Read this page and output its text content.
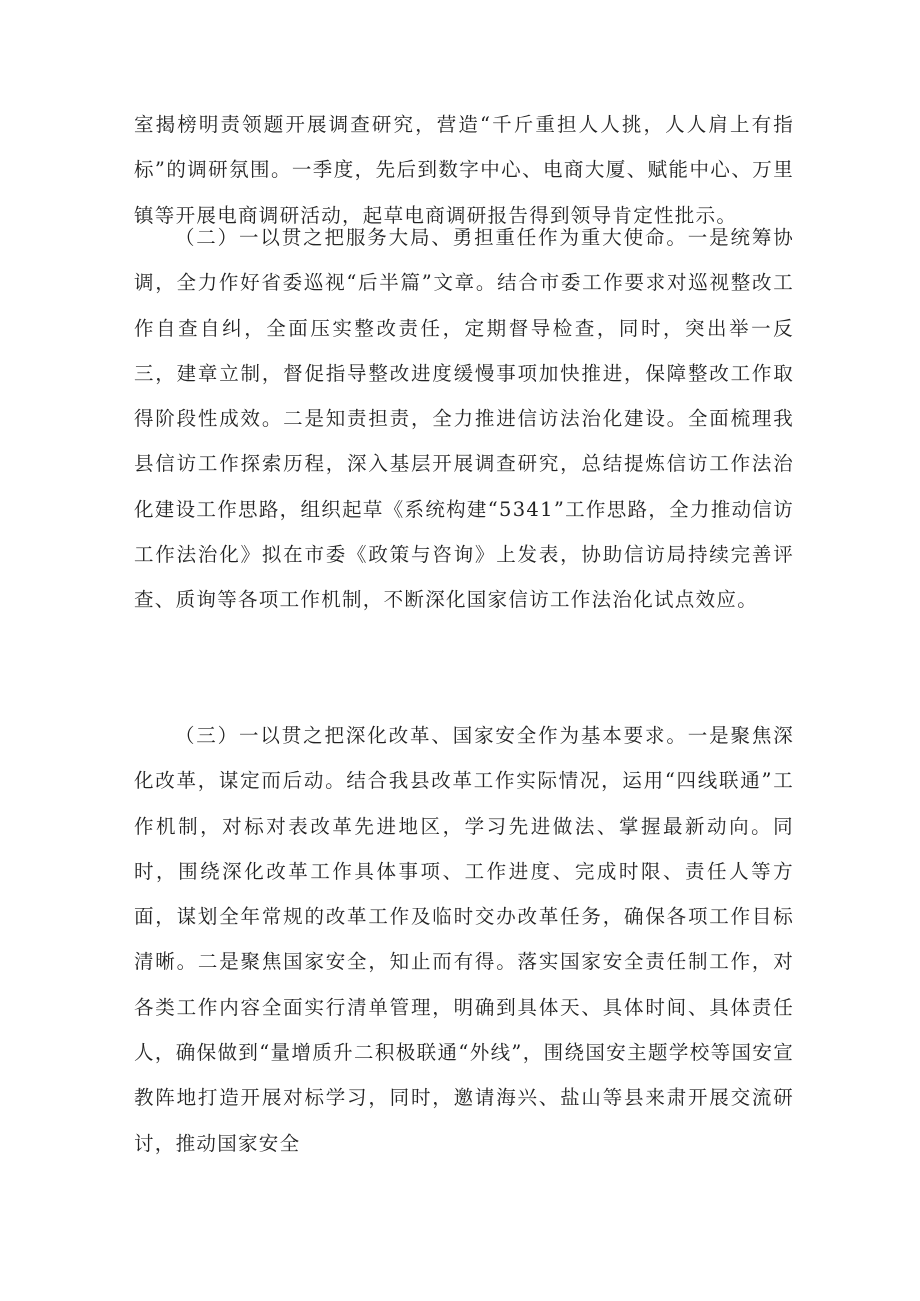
室揭榜明责领题开展调查研究，营造“千斤重担人人挑，人人肩上有指标”的调研氛围。一季度，先后到数字中心、电商大厦、赋能中心、万里镇等开展电商调研活动，起草电商调研报告得到领导肯定性批示。

（二）一以贯之把服务大局、勇担重任作为重大使命。一是统筹协调，全力作好省委巡视“后半篇”文章。结合市委工作要求对巡视整改工作自查自纠，全面压实整改责任，定期督导检查，同时，突出举一反三，建章立制，督促指导整改进度缓慢事项加快推进，保障整改工作取得阶段性成效。二是知责担责，全力推进信访法治化建设。全面梳理我县信访工作探索历程，深入基层开展调查研究，总结提炼信访工作法治化建设工作思路，组织起草《系统构建“5341”工作思路，全力推动信访工作法治化》拟在市委《政策与咨询》上发表，协助信访局持续完善评查、质询等各项工作机制，不断深化国家信访工作法治化试点效应。

（三）一以贯之把深化改革、国家安全作为基本要求。一是聚焦深化改革，谋定而后动。结合我县改革工作实际情况，运用“四线联通”工作机制，对标对表改革先进地区，学习先进做法、掌握最新动向。同时，围绕深化改革工作具体事项、工作进度、完成时限、责任人等方面，谋划全年常规的改革工作及临时交办改革任务，确保各项工作目标清晰。二是聚焦国家安全，知止而有得。落实国家安全责任制工作，对各类工作内容全面实行清单管理，明确到具体天、具体时间、具体责任人，确保做到“量增质升二积极联通“外线”，围绕国安主题学校等国安宣教阵地打造开展对标学习，同时，邀请海兴、盐山等县来肃开展交流研讨，推动国家安全
